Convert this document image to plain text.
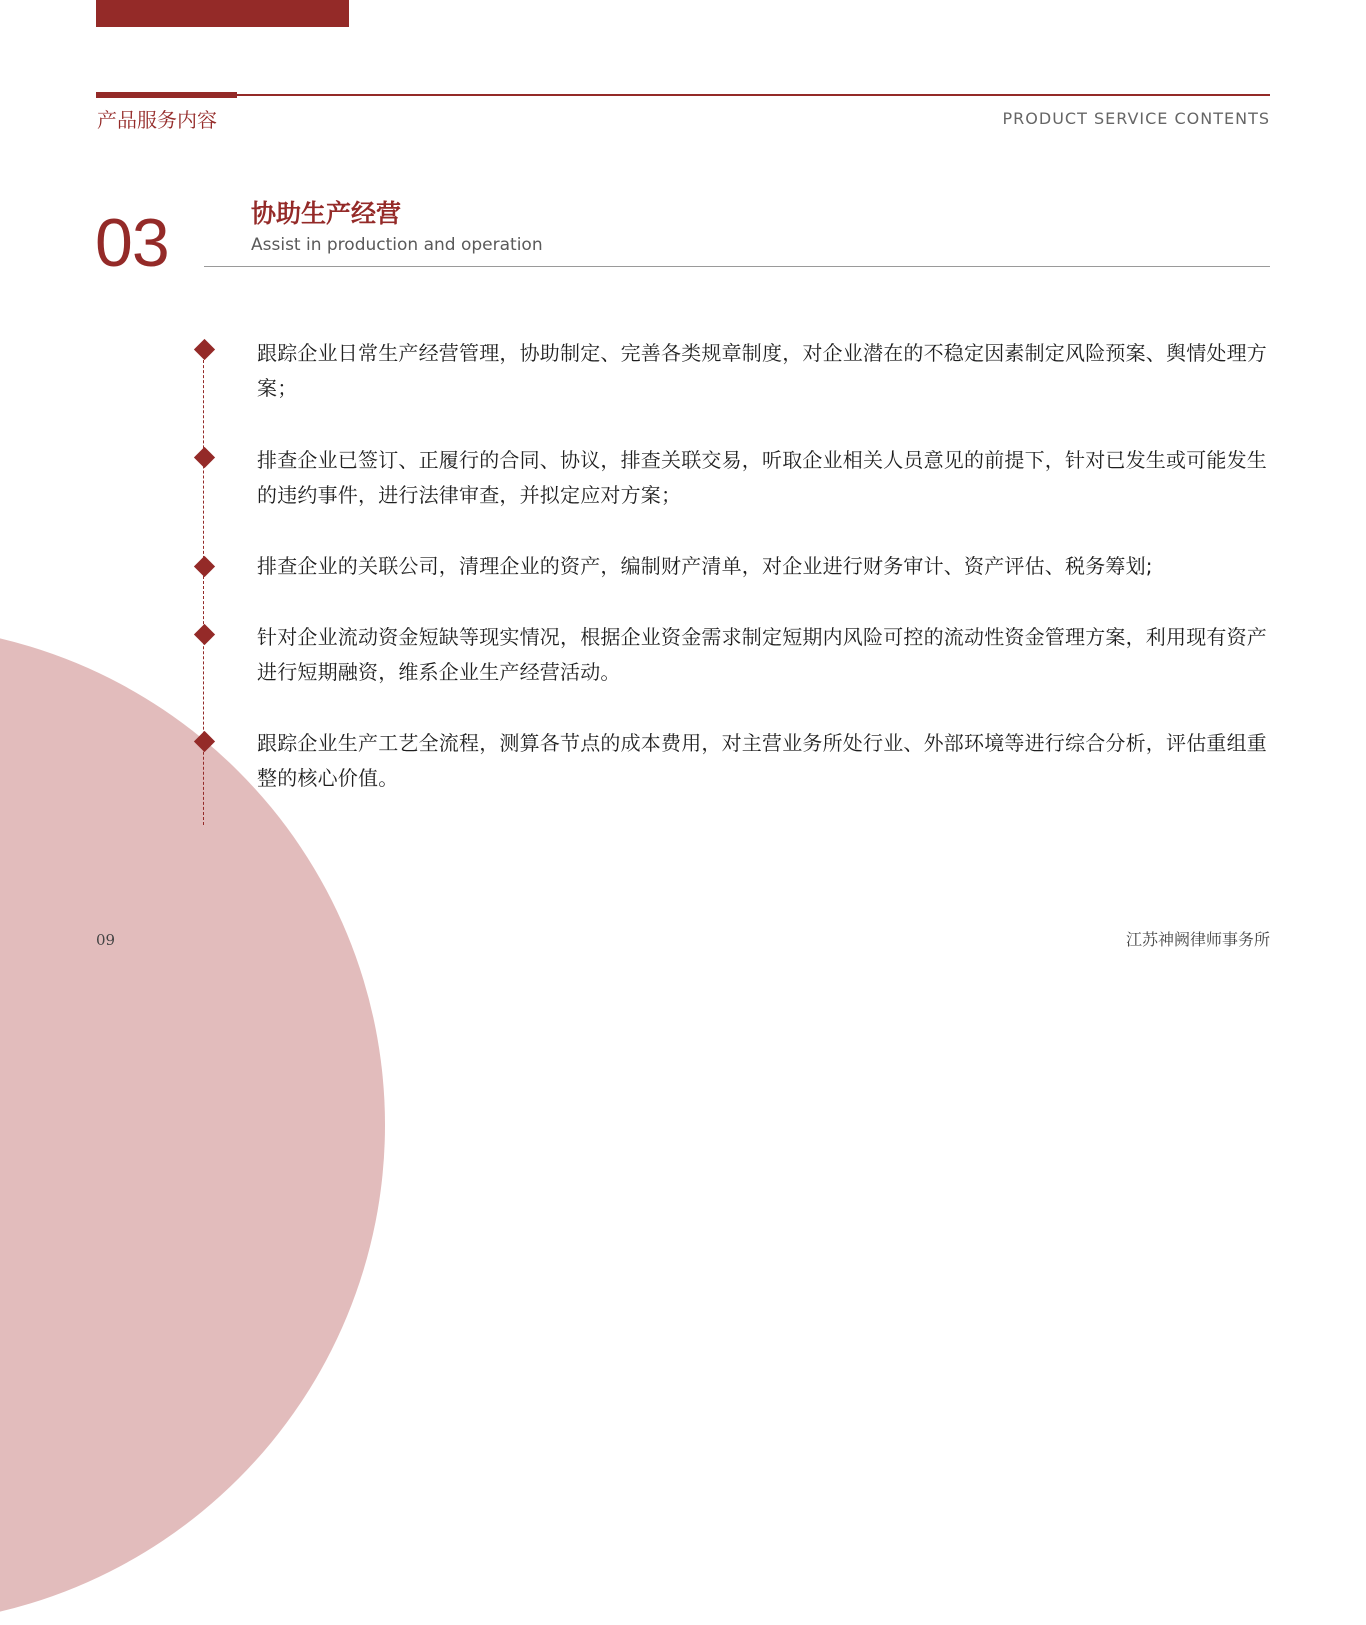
产品服务内容	PRODUCT SERVICE CONTENTS
03	协助生产经营
Assist in production and operation
跟踪企业日常生产经营管理，协助制定、完善各类规章制度，对企业潜在的不稳定因素制定风险预案、舆情处理方案；
排查企业已签订、正履行的合同、协议，排查关联交易，听取企业相关人员意见的前提下，针对已发生或可能发生的违约事件，进行法律审查，并拟定应对方案；
排查企业的关联公司，清理企业的资产，编制财产清单，对企业进行财务审计、资产评估、税务筹划;
针对企业流动资金短缺等现实情况，根据企业资金需求制定短期内风险可控的流动性资金管理方案，利用现有资产进行短期融资，维系企业生产经营活动。
跟踪企业生产工艺全流程，测算各节点的成本费用，对主营业务所处行业、外部环境等进行综合分析，评估重组重整的核心价值。
09	江苏神阙律师事务所
